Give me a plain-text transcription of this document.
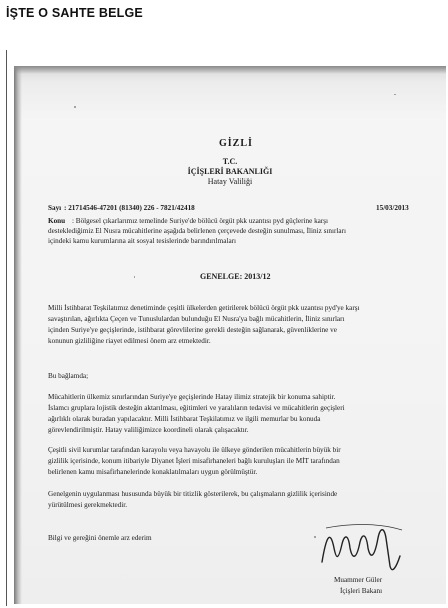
İŞTE O SAHTE BELGE
GİZLİ
T.C.
İÇİŞLERİ BAKANLIĞI
Hatay Valiliği
Sayı : 21714546-47201 (81340) 226 - 7821/42418	15/03/2013
Konu : Bölgesel çıkarlarımız temelinde Suriye'de bölücü örgüt pkk uzantısı pyd güçlerine karşı
desteklediğimiz El Nusra mücahitlerine aşağıda belirlenen çerçevede desteğin sunulması, İliniz sınırları
içindeki kamu kurumlarına ait sosyal tesislerinde barındırılmaları
GENELGE: 2013/12
Milli İstihbarat Teşkilatımız denetiminde çeşitli ülkelerden getirilerek bölücü örgüt pkk uzantısı pyd'ye karşı
savaştırılan, ağırlıkta Çeçen ve Tunuslulardan bulunduğu El Nusra'ya bağlı mücahitlerin, İliniz sınırları
içinden Suriye'ye geçişlerinde, istihbarat görevlilerine gerekli desteğin sağlanarak, güvenliklerine ve
konunun gizliliğine riayet edilmesi önem arz etmektedir.
Bu bağlamda;
Mücahitlerin ülkemiz sınırlarından Suriye'ye geçişlerinde Hatay ilimiz stratejik bir konuma sahiptir.
İslamcı gruplara lojistik desteğin aktarılması, eğitimleri ve yaralıların tedavisi ve mücahitlerin geçişleri
ağırlıklı olarak buradan yapılacaktır. Milli İstihbarat Teşkilatımız ve ilgili memurlar bu konuda
görevlendirilmiştir. Hatay valiliğimizce koordineli olarak çalışacaktır.
Çeşitli sivil kurumlar tarafından karayolu veya havayolu ile ülkeye gönderilen mücahitlerin büyük bir
gizlilik içerisinde, konum itibariyle Diyanet İşleri misafirhaneleri bağlı kuruluşları ile MİT tarafından
belirlenen kamu misafirhanelerinde konaklatılmaları uygun görülmüştür.
Genelgenin uygulanması hususunda büyük bir titizlik gösterilerek, bu çalışmaların gizlilik içerisinde
yürütülmesi gerekmektedir.
Bilgi ve gereğini önemle arz ederim
Muammer Güler
İçişleri Bakanı
